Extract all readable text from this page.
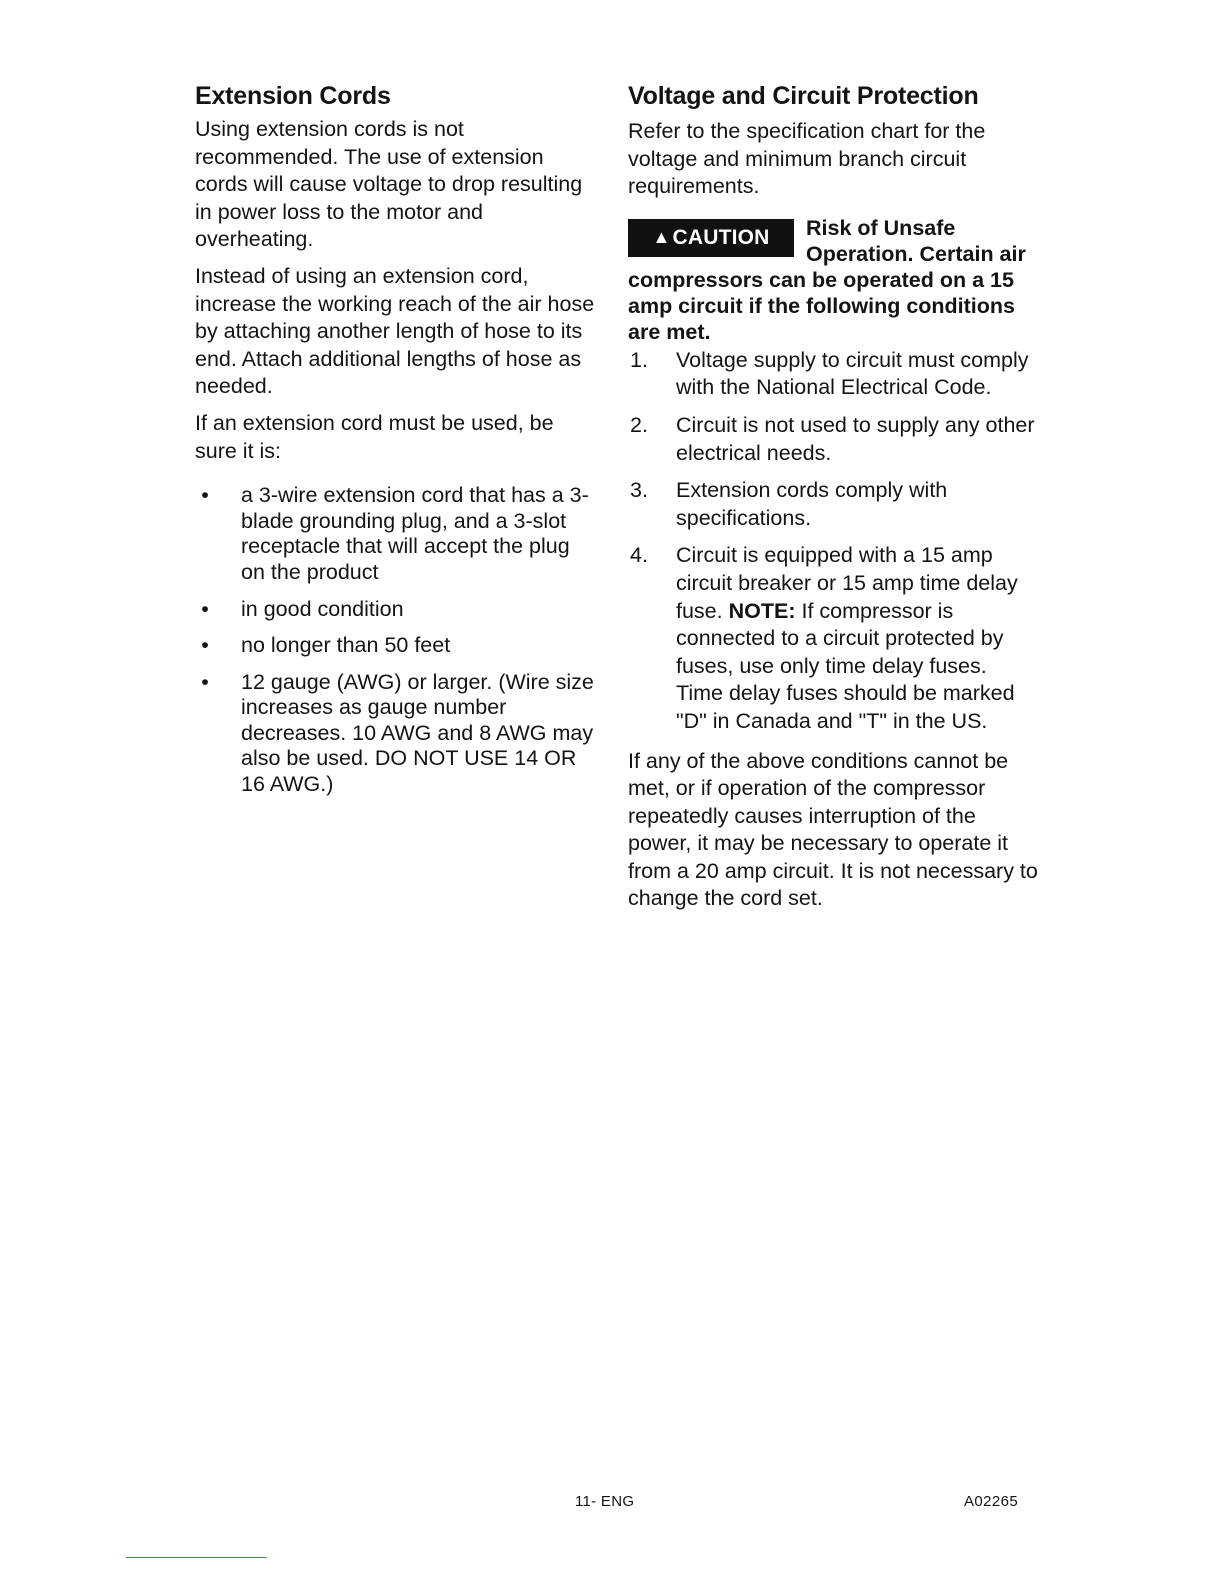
Extension Cords

Using extension cords is not recommended. The use of extension cords will cause voltage to drop resulting in power loss to the motor and overheating.

Instead of using an extension cord, increase the working reach of the air hose by attaching another length of hose to its end. Attach additional lengths of hose as needed.

If an extension cord must be used, be sure it is:

• a 3-wire extension cord that has a 3-blade grounding plug, and a 3-slot receptacle that will accept the plug on the product
• in good condition
• no longer than 50 feet
• 12 gauge (AWG) or larger. (Wire size increases as gauge number decreases. 10 AWG and 8 AWG may also be used. DO NOT USE 14 OR 16 AWG.)
Voltage and Circuit Protection

Refer to the specification chart for the voltage and minimum branch circuit requirements.

▲ CAUTION	Risk of Unsafe Operation. Certain air compressors can be operated on a 15 amp circuit if the following conditions are met.
1. Voltage supply to circuit must comply with the National Electrical Code.
2. Circuit is not used to supply any other electrical needs.
3. Extension cords comply with specifications.
4. Circuit is equipped with a 15 amp circuit breaker or 15 amp time delay fuse. NOTE: If compressor is connected to a circuit protected by fuses, use only time delay fuses. Time delay fuses should be marked "D" in Canada and "T" in the US.

If any of the above conditions cannot be met, or if operation of the compressor repeatedly causes interruption of the power, it may be necessary to operate it from a 20 amp circuit. It is not necessary to change the cord set.

11- ENG	A02265
